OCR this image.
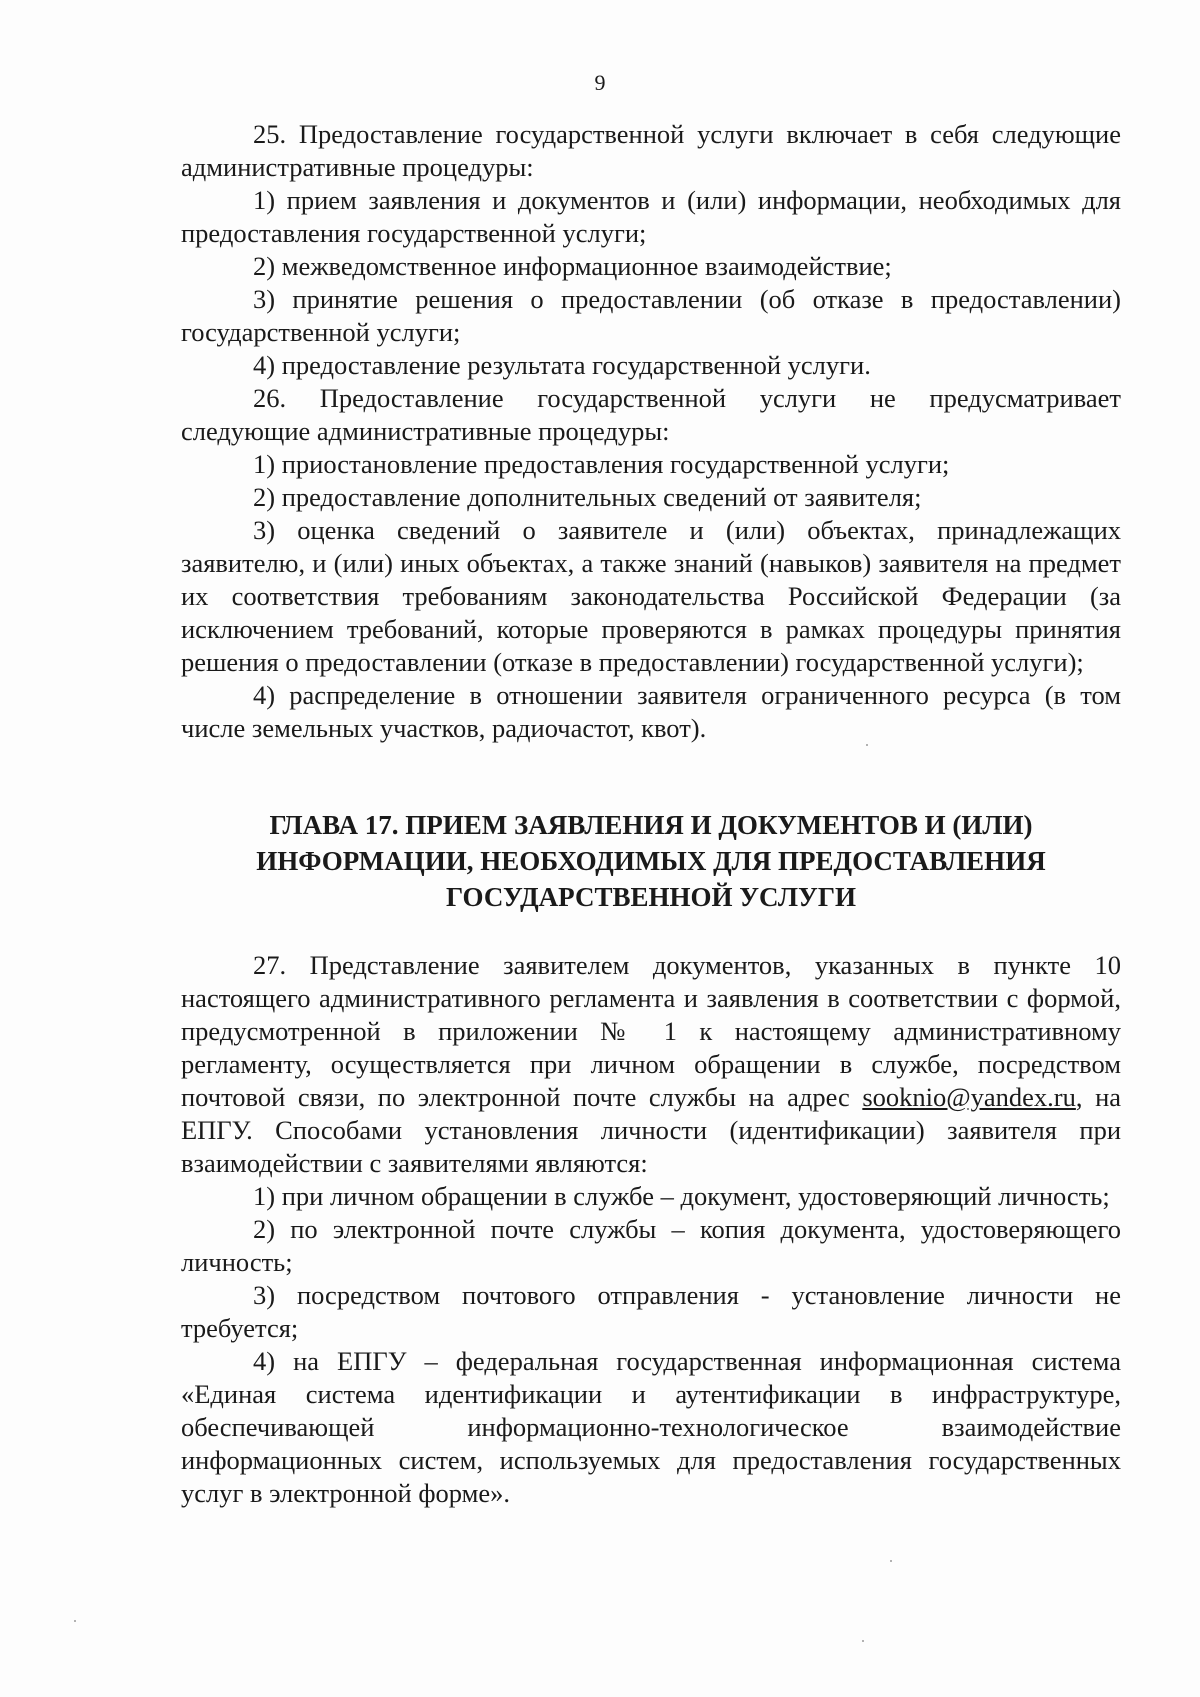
9

25. Предоставление государственной услуги включает в себя следующие административные процедуры:

1) прием заявления и документов и (или) информации, необходимых для предоставления государственной услуги;

2) межведомственное информационное взаимодействие;

3) принятие решения о предоставлении (об отказе в предоставлении) государственной услуги;

4) предоставление результата государственной услуги.

26. Предоставление государственной услуги не предусматривает следующие административные процедуры:

1) приостановление предоставления государственной услуги;

2) предоставление дополнительных сведений от заявителя;

3) оценка сведений о заявителе и (или) объектах, принадлежащих заявителю, и (или) иных объектах, а также знаний (навыков) заявителя на предмет их соответствия требованиям законодательства Российской Федерации (за исключением требований, которые проверяются в рамках процедуры принятия решения о предоставлении (отказе в предоставлении) государственной услуги);

4) распределение в отношении заявителя ограниченного ресурса (в том числе земельных участков, радиочастот, квот).

ГЛАВА 17. ПРИЕМ ЗАЯВЛЕНИЯ И ДОКУМЕНТОВ И (ИЛИ) ИНФОРМАЦИИ, НЕОБХОДИМЫХ ДЛЯ ПРЕДОСТАВЛЕНИЯ ГОСУДАРСТВЕННОЙ УСЛУГИ

27. Представление заявителем документов, указанных в пункте 10 настоящего административного регламента и заявления в соответствии с формой, предусмотренной в приложении № 1 к настоящему административному регламенту, осуществляется при личном обращении в службе, посредством почтовой связи, по электронной почте службы на адрес sooknio@yandex.ru, на ЕПГУ. Способами установления личности (идентификации) заявителя при взаимодействии с заявителями являются:

1) при личном обращении в службе – документ, удостоверяющий личность;

2) по электронной почте службы – копия документа, удостоверяющего личность;

3) посредством почтового отправления - установление личности не требуется;

4) на ЕПГУ – федеральная государственная информационная система «Единая система идентификации и аутентификации в инфраструктуре, обеспечивающей информационно-технологическое взаимодействие информационных систем, используемых для предоставления государственных услуг в электронной форме».
